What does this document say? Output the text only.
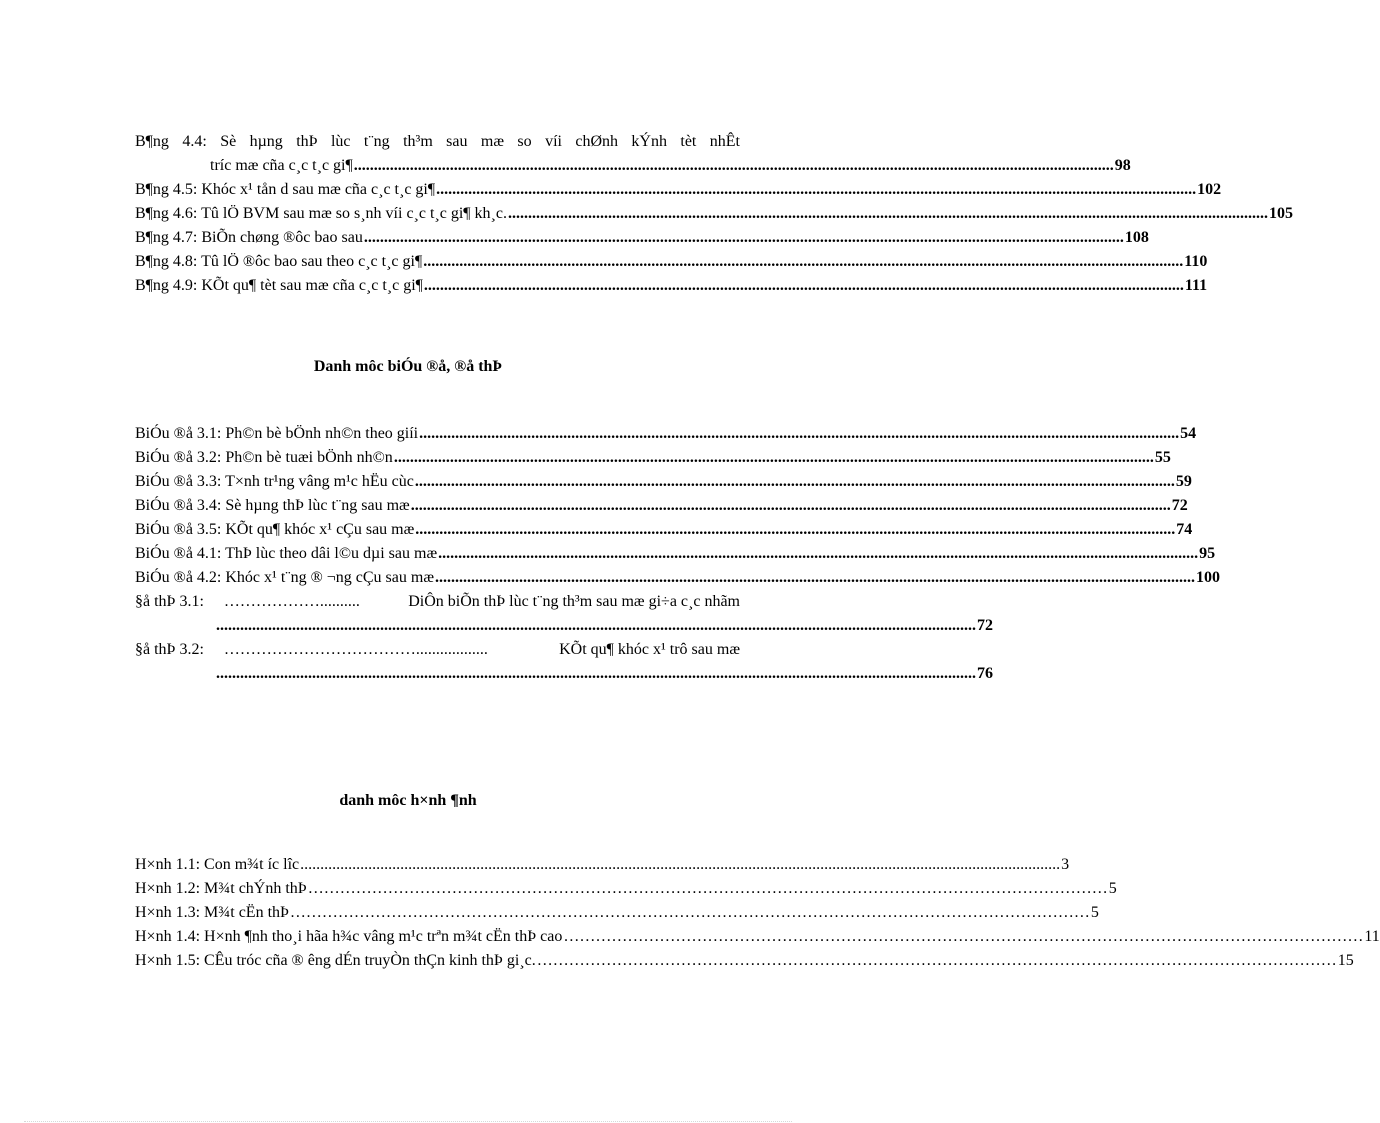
B¶ng 4.4: Sè hµng thÞ lùc t¨ng th³m sau mæ so víi chØnh kÝnh tèt nhÊt
tríc mæ cña c¸c t¸c gi¶ .............................................................................................................................................................................................. 98
B¶ng 4.5: Khóc x¹ tån d sau mæ cña c¸c t¸c gi¶ .............................................................................................................................................................................................. 102
B¶ng 4.6: Tû lÖ BVM sau mæ so s¸nh víi c¸c t¸c gi¶ kh¸c. .............................................................................................................................................................................................. 105
B¶ng 4.7: BiÕn chøng ®ôc bao sau .............................................................................................................................................................................................. 108
B¶ng 4.8: Tû lÖ ®ôc bao sau theo c¸c t¸c gi¶ .............................................................................................................................................................................................. 110
B¶ng 4.9: KÕt qu¶ tèt sau mæ cña c¸c t¸c gi¶ .............................................................................................................................................................................................. 111
Danh môc biÓu ®å, ®å thÞ
BiÓu ®å 3.1: Ph©n bè bÖnh nh©n theo giíi .............................................................................................................................................................................................. 54
BiÓu ®å 3.2: Ph©n bè tuæi bÖnh nh©n .............................................................................................................................................................................................. 55
BiÓu ®å 3.3: T×nh tr¹ng vâng m¹c hËu cùc .............................................................................................................................................................................................. 59
BiÓu ®å 3.4: Sè hµng thÞ lùc t¨ng sau mæ .............................................................................................................................................................................................. 72
BiÓu ®å 3.5: KÕt qu¶ khóc x¹ cÇu sau mæ .............................................................................................................................................................................................. 74
BiÓu ®å 4.1: ThÞ lùc theo dâi l©u dµi sau mæ .............................................................................................................................................................................................. 95
BiÓu ®å 4.2: Khóc x¹ t¨ng ® ¬ng cÇu sau mæ .............................................................................................................................................................................................. 100
§å thÞ 3.1:	………………..........	DiÔn biÕn thÞ lùc t¨ng th³m sau mæ gi÷a c¸c nhãm
.............................................................................................................................................................................................. 72
§å thÞ 3.2:	………………………………..................	KÕt qu¶ khóc x¹ trô sau mæ
.............................................................................................................................................................................................. 76
danh môc h×nh ¶nh
H×nh 1.1: Con m¾t íc lîc .............................................................................................................................................................................................. 3
H×nh 1.2: M¾t chÝnh thÞ …………………………………………………………………………………………………………………………………… 5
H×nh 1.3: M¾t cËn thÞ …………………………………………………………………………………………………………………………………… 5
H×nh 1.4: H×nh ¶nh tho¸i hãa h¾c vâng m¹c trªn m¾t cËn thÞ cao …………………………………………………………………………………………………………………………………… 11
H×nh 1.5: CÊu tróc cña ® êng dÉn truyÒn thÇn kinh thÞ gi¸c. …………………………………………………………………………………………………………………………………… 15
